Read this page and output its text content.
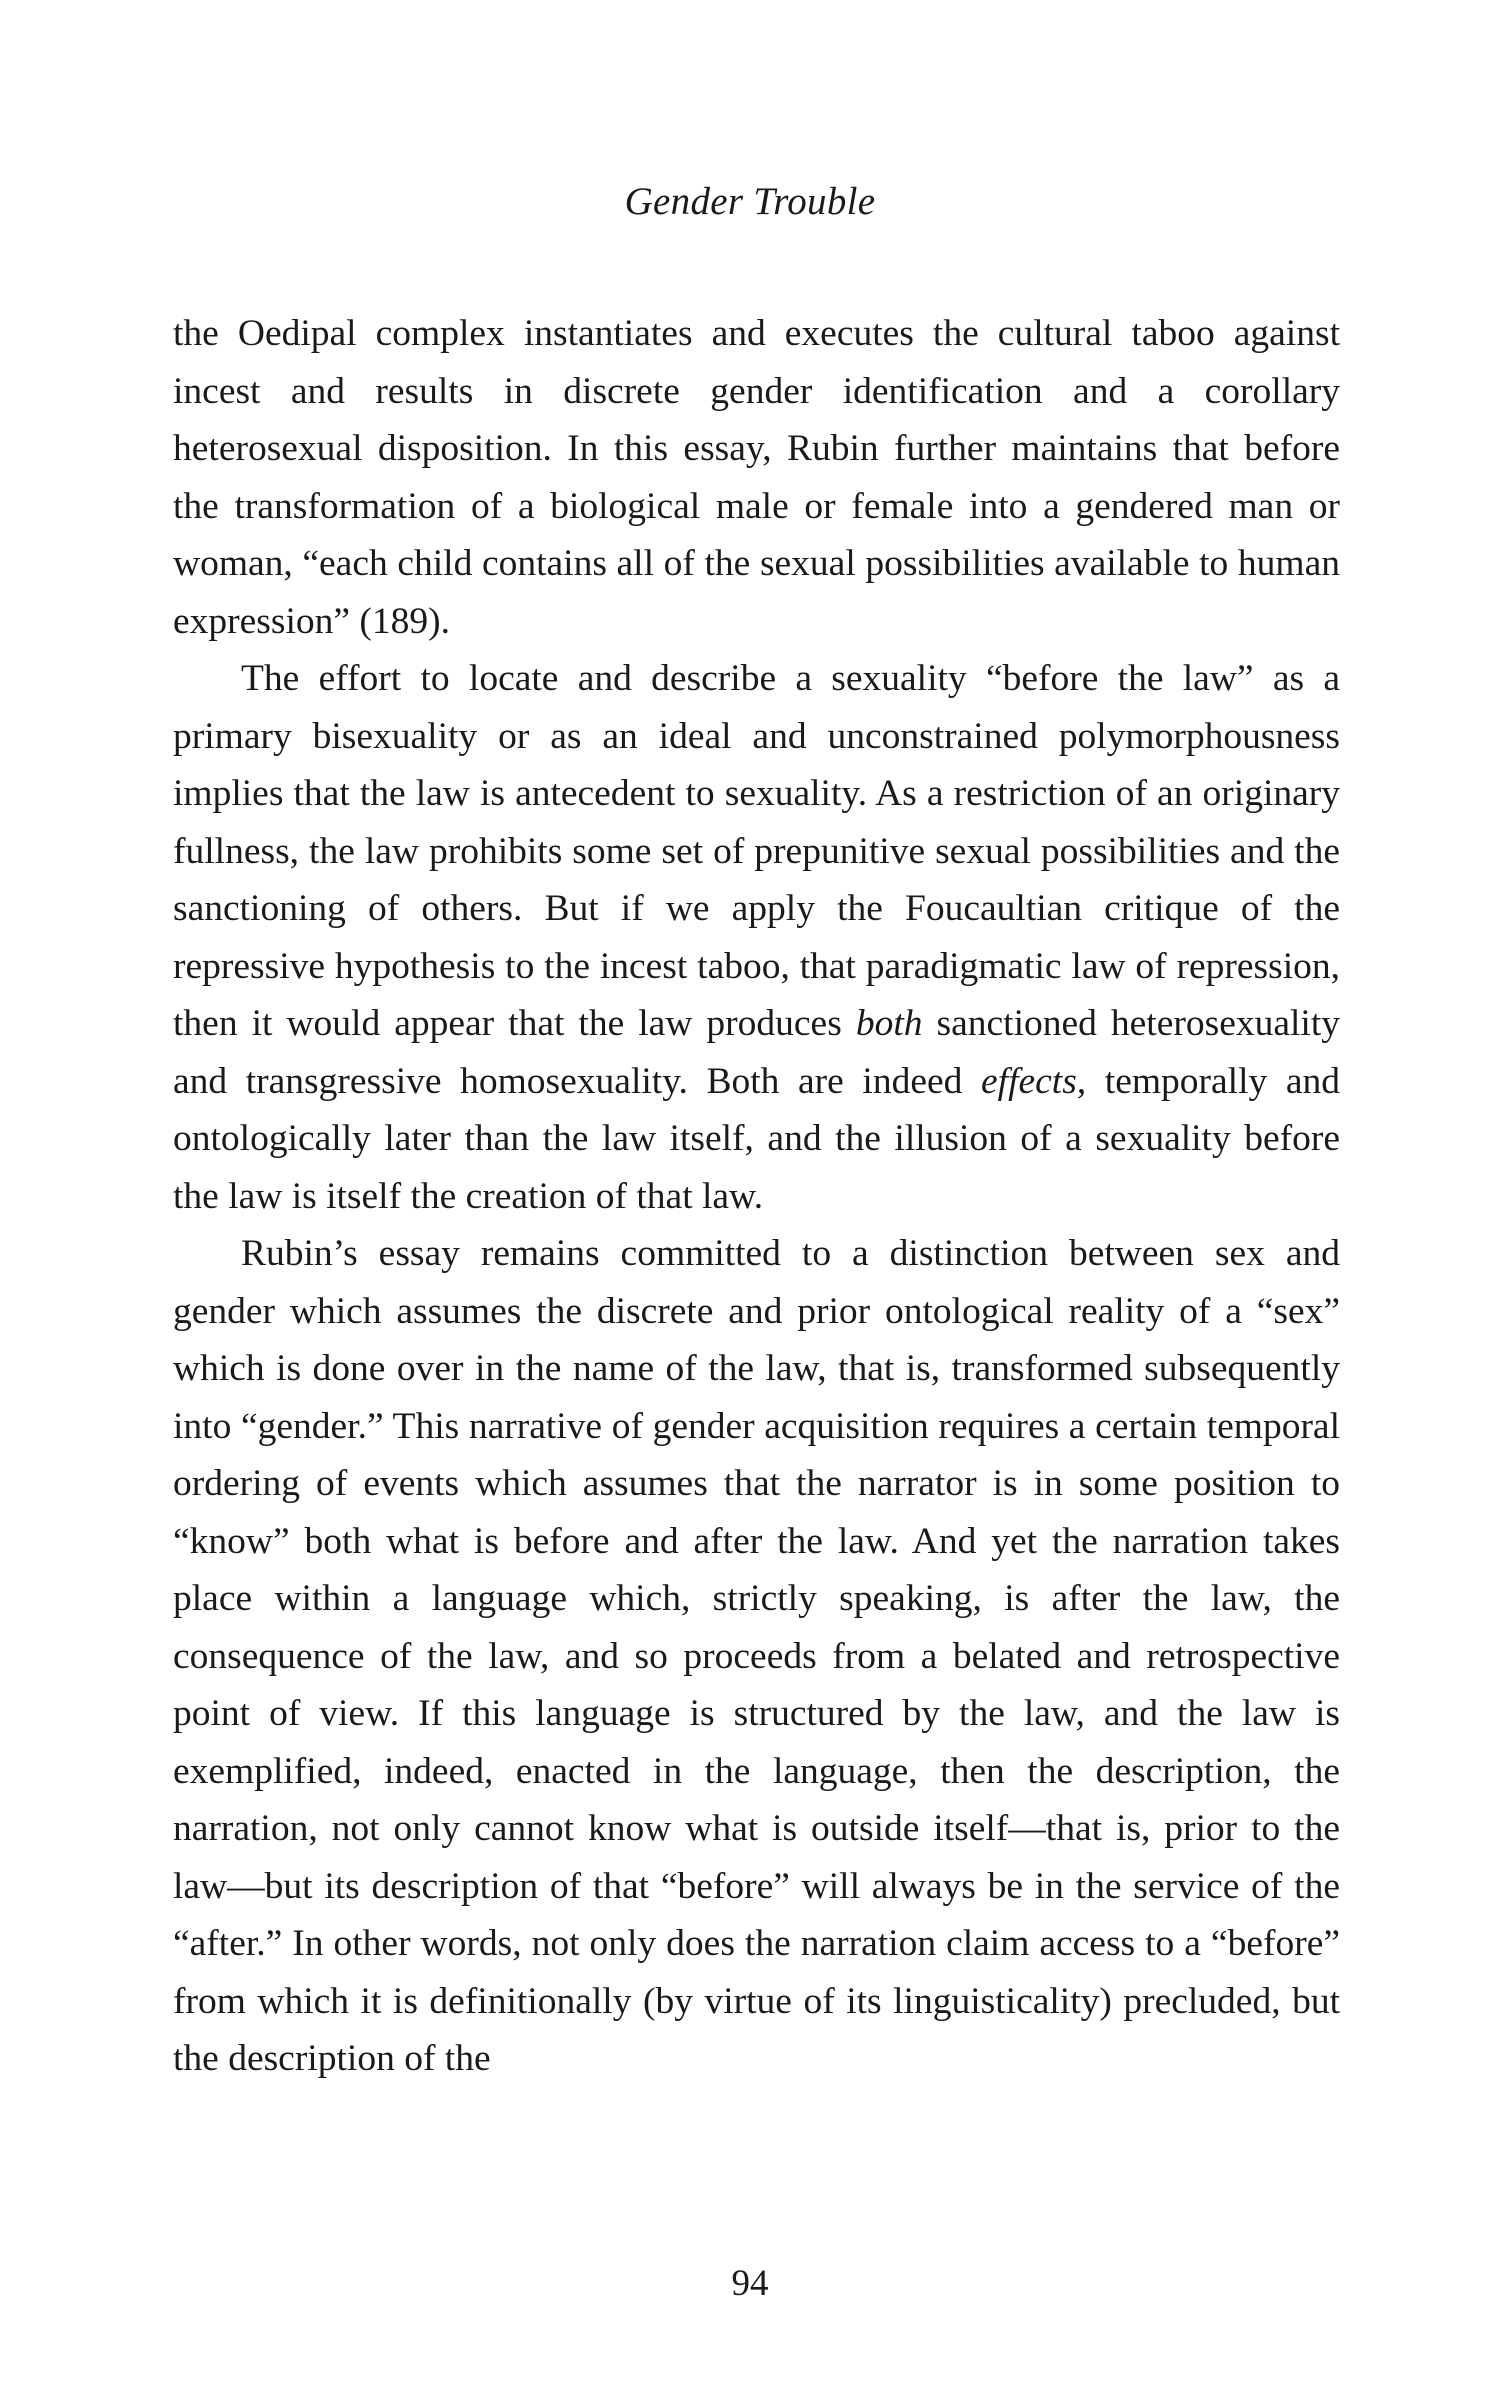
Gender Trouble

the Oedipal complex instantiates and executes the cultural taboo against incest and results in discrete gender identification and a corollary heterosexual disposition. In this essay, Rubin further maintains that before the transformation of a biological male or female into a gendered man or woman, “each child contains all of the sexual possibilities available to human expression” (189).

The effort to locate and describe a sexuality “before the law” as a primary bisexuality or as an ideal and unconstrained polymorphousness implies that the law is antecedent to sexuality. As a restriction of an originary fullness, the law prohibits some set of prepunitive sexual possibilities and the sanctioning of others. But if we apply the Foucaultian critique of the repressive hypothesis to the incest taboo, that paradigmatic law of repression, then it would appear that the law produces both sanctioned heterosexuality and transgressive homosexuality. Both are indeed effects, temporally and ontologically later than the law itself, and the illusion of a sexuality before the law is itself the creation of that law.

Rubin’s essay remains committed to a distinction between sex and gender which assumes the discrete and prior ontological reality of a “sex” which is done over in the name of the law, that is, transformed subsequently into “gender.” This narrative of gender acquisition requires a certain temporal ordering of events which assumes that the narrator is in some position to “know” both what is before and after the law. And yet the narration takes place within a language which, strictly speaking, is after the law, the consequence of the law, and so proceeds from a belated and retrospective point of view. If this language is structured by the law, and the law is exemplified, indeed, enacted in the language, then the description, the narration, not only cannot know what is outside itself—that is, prior to the law—but its description of that “before” will always be in the service of the “after.” In other words, not only does the narration claim access to a “before” from which it is definitionally (by virtue of its linguisticality) precluded, but the description of the

94
